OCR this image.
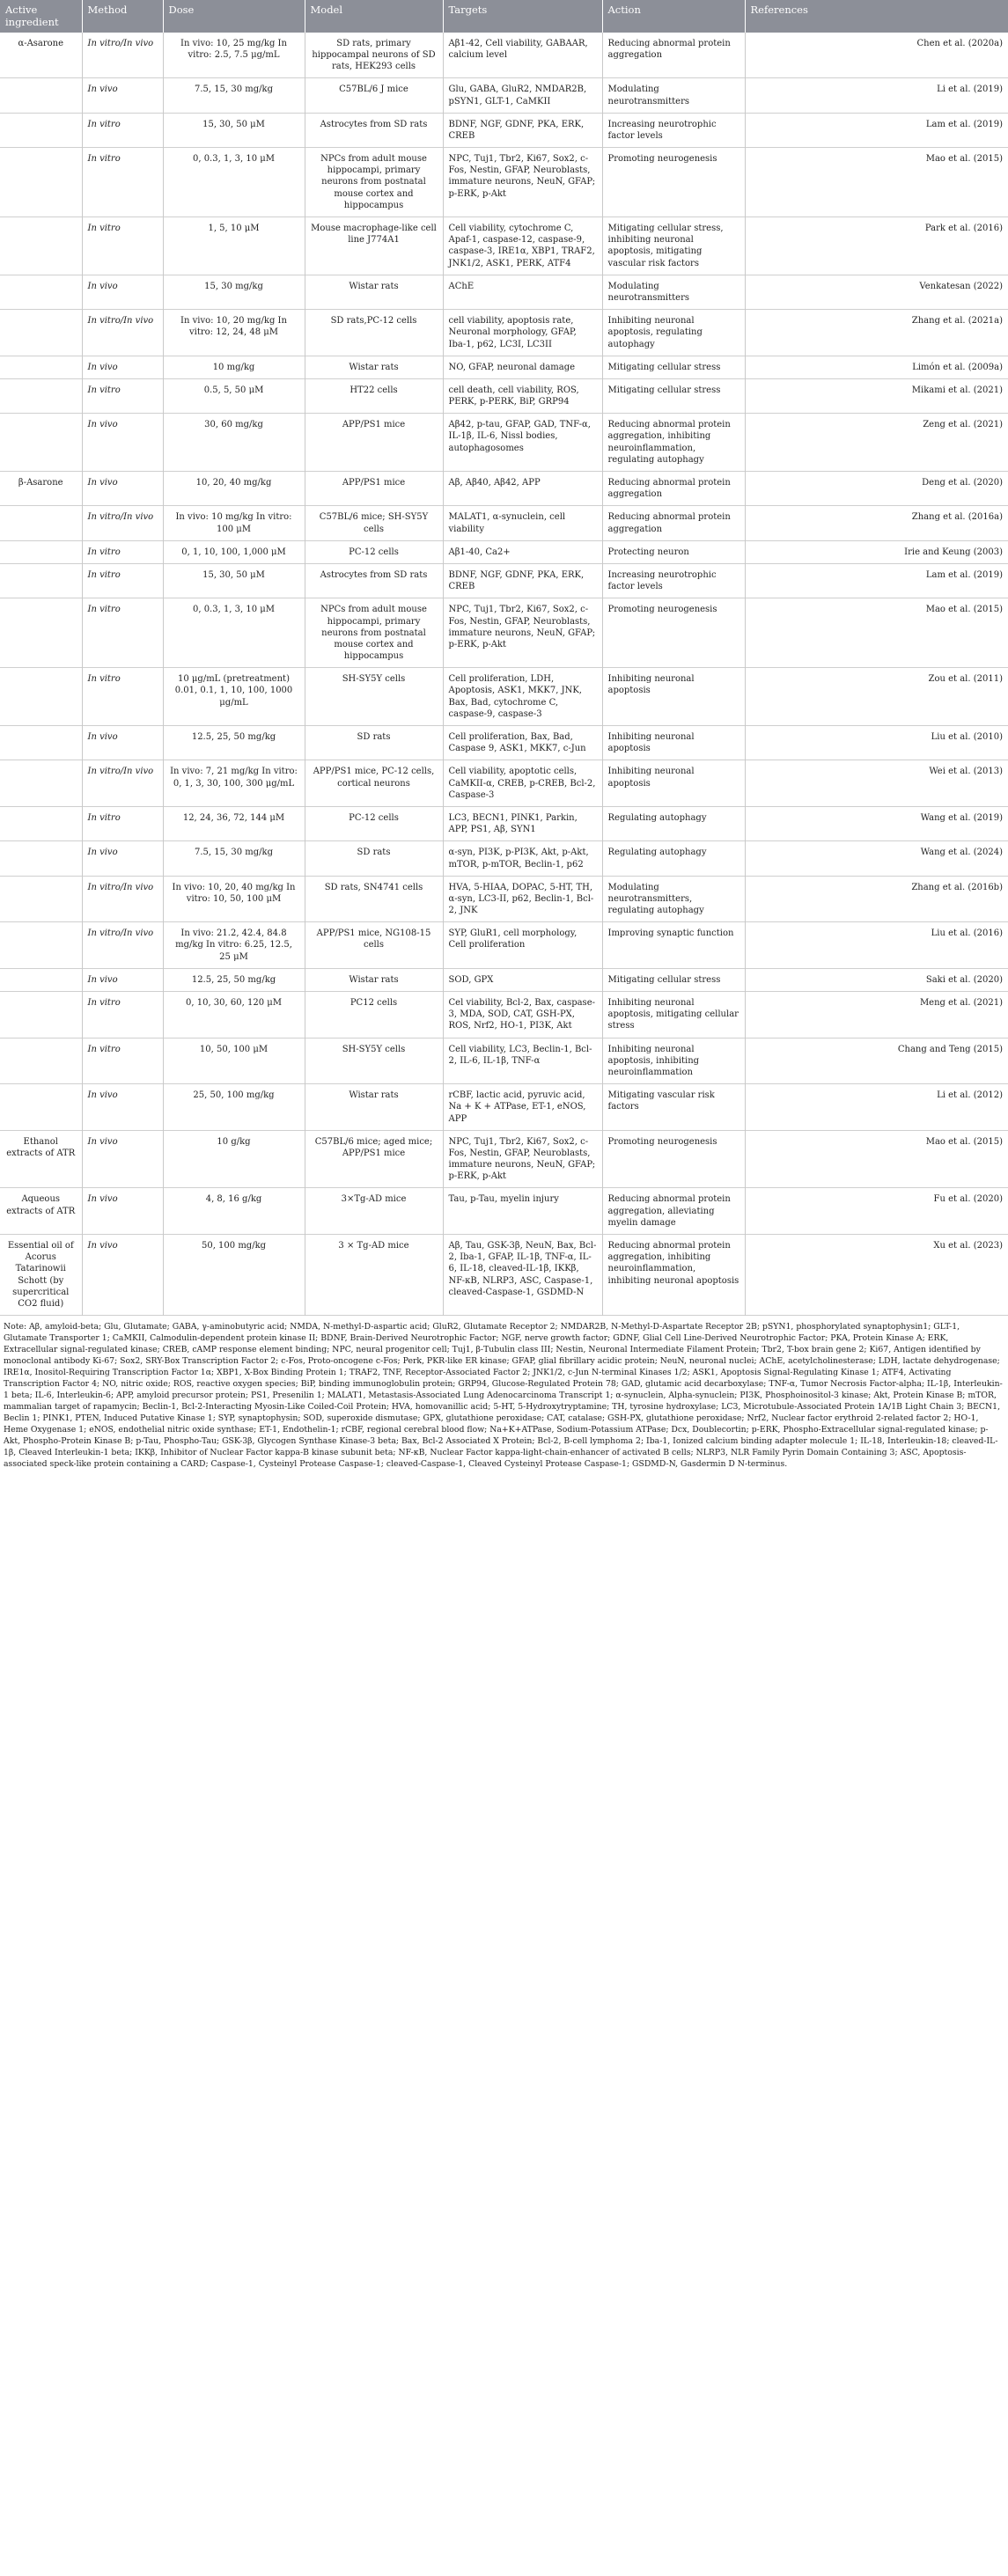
Active ingredient	Method	Dose	Model	Targets	Action	References
α-Asarone	In vitro/In vivo	In vivo: 10, 25 mg/kg In vitro: 2.5, 7.5 μg/mL	SD rats, primary hippocampal neurons of SD rats, HEK293 cells	Aβ1-42, Cell viability, GABAAR, calcium level	Reducing abnormal protein aggregation	Chen et al. (2020a)
	In vivo	7.5, 15, 30 mg/kg	C57BL/6 J mice	Glu, GABA, GluR2, NMDAR2B, pSYN1, GLT-1, CaMKII	Modulating neurotransmitters	Li et al. (2019)
	In vitro	15, 30, 50 μM	Astrocytes from SD rats	BDNF, NGF, GDNF, PKA, ERK, CREB	Increasing neurotrophic factor levels	Lam et al. (2019)
	In vitro	0, 0.3, 1, 3, 10 μM	NPCs from adult mouse hippocampi, primary neurons from postnatal mouse cortex and hippocampus	NPC, Tuj1, Tbr2, Ki67, Sox2, c-Fos, Nestin, GFAP, Neuroblasts, immature neurons, NeuN, GFAP; p-ERK, p-Akt	Promoting neurogenesis	Mao et al. (2015)
	In vitro	1, 5, 10 μM	Mouse macrophage-like cell line J774A1	Cell viability, cytochrome C, Apaf-1, caspase-12, caspase-9, caspase-3, IRE1α, XBP1, TRAF2, JNK1/2, ASK1, PERK, ATF4	Mitigating cellular stress, inhibiting neuronal apoptosis, mitigating vascular risk factors	Park et al. (2016)
	In vivo	15, 30 mg/kg	Wistar rats	AChE	Modulating neurotransmitters	Venkatesan (2022)
	In vitro/In vivo	In vivo: 10, 20 mg/kg In vitro: 12, 24, 48 μM	SD rats,PC-12 cells	cell viability, apoptosis rate, Neuronal morphology, GFAP, Iba-1, p62, LC3I, LC3II	Inhibiting neuronal apoptosis, regulating autophagy	Zhang et al. (2021a)
	In vivo	10 mg/kg	Wistar rats	NO, GFAP, neuronal damage	Mitigating cellular stress	Limón et al. (2009a)
	In vitro	0.5, 5, 50 μM	HT22 cells	cell death, cell viability, ROS, PERK, p-PERK, BiP, GRP94	Mitigating cellular stress	Mikami et al. (2021)
	In vivo	30, 60 mg/kg	APP/PS1 mice	Aβ42, p-tau, GFAP, GAD, TNF-α, IL-1β, IL-6, Nissl bodies, autophagosomes	Reducing abnormal protein aggregation, inhibiting neuroinflammation, regulating autophagy	Zeng et al. (2021)
β-Asarone	In vivo	10, 20, 40 mg/kg	APP/PS1 mice	Aβ, Aβ40, Aβ42, APP	Reducing abnormal protein aggregation	Deng et al. (2020)
	In vitro/In vivo	In vivo: 10 mg/kg In vitro: 100 μM	C57BL/6 mice; SH-SY5Y cells	MALAT1, α-synuclein, cell viability	Reducing abnormal protein aggregation	Zhang et al. (2016a)
	In vitro	0, 1, 10, 100, 1,000 μM	PC-12 cells	Aβ1-40, Ca2+	Protecting neuron	Irie and Keung (2003)
	In vitro	15, 30, 50 μM	Astrocytes from SD rats	BDNF, NGF, GDNF, PKA, ERK, CREB	Increasing neurotrophic factor levels	Lam et al. (2019)
	In vitro	0, 0.3, 1, 3, 10 μM	NPCs from adult mouse hippocampi, primary neurons from postnatal mouse cortex and hippocampus	NPC, Tuj1, Tbr2, Ki67, Sox2, c-Fos, Nestin, GFAP, Neuroblasts, immature neurons, NeuN, GFAP; p-ERK, p-Akt	Promoting neurogenesis	Mao et al. (2015)
	In vitro	10 μg/mL (pretreatment) 0.01, 0.1, 1, 10, 100, 1000 μg/mL	SH-SY5Y cells	Cell proliferation, LDH, Apoptosis, ASK1, MKK7, JNK, Bax, Bad, cytochrome C, caspase-9, caspase-3	Inhibiting neuronal apoptosis	Zou et al. (2011)
	In vivo	12.5, 25, 50 mg/kg	SD rats	Cell proliferation, Bax, Bad, Caspase 9, ASK1, MKK7, c-Jun	Inhibiting neuronal apoptosis	Liu et al. (2010)
	In vitro/In vivo	In vivo: 7, 21 mg/kg In vitro: 0, 1, 3, 30, 100, 300 μg/mL	APP/PS1 mice, PC-12 cells, cortical neurons	Cell viability, apoptotic cells, CaMKII-α, CREB, p-CREB, Bcl-2, Caspase-3	Inhibiting neuronal apoptosis	Wei et al. (2013)
	In vitro	12, 24, 36, 72, 144 μM	PC-12 cells	LC3, BECN1, PINK1, Parkin, APP, PS1, Aβ, SYN1	Regulating autophagy	Wang et al. (2019)
	In vivo	7.5, 15, 30 mg/kg	SD rats	α-syn, PI3K, p-PI3K, Akt, p-Akt, mTOR, p-mTOR, Beclin-1, p62	Regulating autophagy	Wang et al. (2024)
	In vitro/In vivo	In vivo: 10, 20, 40 mg/kg In vitro: 10, 50, 100 μM	SD rats, SN4741 cells	HVA, 5-HIAA, DOPAC, 5-HT, TH, α-syn, LC3-II, p62, Beclin-1, Bcl-2, JNK	Modulating neurotransmitters, regulating autophagy	Zhang et al. (2016b)
	In vitro/In vivo	In vivo: 21.2, 42.4, 84.8 mg/kg In vitro: 6.25, 12.5, 25 μM	APP/PS1 mice, NG108-15 cells	SYP, GluR1, cell morphology, Cell proliferation	Improving synaptic function	Liu et al. (2016)
	In vivo	12.5, 25, 50 mg/kg	Wistar rats	SOD, GPX	Mitigating cellular stress	Saki et al. (2020)
	In vitro	0, 10, 30, 60, 120 μM	PC12 cells	Cel viability, Bcl-2, Bax, caspase-3, MDA, SOD, CAT, GSH-PX, ROS, Nrf2, HO-1, PI3K, Akt	Inhibiting neuronal apoptosis, mitigating cellular stress	Meng et al. (2021)
	In vitro	10, 50, 100 μM	SH-SY5Y cells	Cell viability, LC3, Beclin-1, Bcl-2, IL-6, IL-1β, TNF-α	Inhibiting neuronal apoptosis, inhibiting neuroinflammation	Chang and Teng (2015)
	In vivo	25, 50, 100 mg/kg	Wistar rats	rCBF, lactic acid, pyruvic acid, Na + K + ATPase, ET-1, eNOS, APP	Mitigating vascular risk factors	Li et al. (2012)
Ethanol extracts of ATR	In vivo	10 g/kg	C57BL/6 mice; aged mice; APP/PS1 mice	NPC, Tuj1, Tbr2, Ki67, Sox2, c-Fos, Nestin, GFAP, Neuroblasts, immature neurons, NeuN, GFAP; p-ERK, p-Akt	Promoting neurogenesis	Mao et al. (2015)
Aqueous extracts of ATR	In vivo	4, 8, 16 g/kg	3×Tg-AD mice	Tau, p-Tau, myelin injury	Reducing abnormal protein aggregation, alleviating myelin damage	Fu et al. (2020)
Essential oil of Acorus Tatarinowii Schott (by supercritical CO2 fluid)	In vivo	50, 100 mg/kg	3 × Tg-AD mice	Aβ, Tau, GSK-3β, NeuN, Bax, Bcl-2, Iba-1, GFAP, IL-1β, TNF-α, IL-6, IL-18, cleaved-IL-1β, IKKβ, NF-κB, NLRP3, ASC, Caspase-1, cleaved-Caspase-1, GSDMD-N	Reducing abnormal protein aggregation, inhibiting neuroinflammation, inhibiting neuronal apoptosis	Xu et al. (2023)
Note: Aβ, amyloid-beta; Glu, Glutamate; GABA, γ-aminobutyric acid; NMDA, N-methyl-D-aspartic acid; GluR2, Glutamate Receptor 2; NMDAR2B, N-Methyl-D-Aspartate Receptor 2B; pSYN1, phosphorylated synaptophysin1; GLT-1, Glutamate Transporter 1; CaMKII, Calmodulin-dependent protein kinase II; BDNF, Brain-Derived Neurotrophic Factor; NGF, nerve growth factor; GDNF, Glial Cell Line-Derived Neurotrophic Factor; PKA, Protein Kinase A; ERK, Extracellular signal-regulated kinase; CREB, cAMP response element binding; NPC, neural progenitor cell; Tuj1, β-Tubulin class III; Nestin, Neuronal Intermediate Filament Protein; Tbr2, T-box brain gene 2; Ki67, Antigen identified by monoclonal antibody Ki-67; Sox2, SRY-Box Transcription Factor 2; c-Fos, Proto-oncogene c-Fos; Perk, PKR-like ER kinase; GFAP, glial fibrillary acidic protein; NeuN, neuronal nuclei; AChE, acetylcholinesterase; LDH, lactate dehydrogenase; IRE1α, Inositol-Requiring Transcription Factor 1α; XBP1, X-Box Binding Protein 1; TRAF2, TNF, Receptor-Associated Factor 2; JNK1/2, c-Jun N-terminal Kinases 1/2; ASK1, Apoptosis Signal-Regulating Kinase 1; ATF4, Activating Transcription Factor 4; NO, nitric oxide; ROS, reactive oxygen species; BiP, binding immunoglobulin protein; GRP94, Glucose-Regulated Protein 78; GAD, glutamic acid decarboxylase; TNF-α, Tumor Necrosis Factor-alpha; IL-1β, Interleukin-1 beta; IL-6, Interleukin-6; APP, amyloid precursor protein; PS1, Presenilin 1; MALAT1, Metastasis-Associated Lung Adenocarcinoma Transcript 1; α-synuclein, Alpha-synuclein; PI3K, Phosphoinositol-3 kinase; Akt, Protein Kinase B; mTOR, mammalian target of rapamycin; Beclin-1, Bcl-2-Interacting Myosin-Like Coiled-Coil Protein; HVA, homovanillic acid; 5-HT, 5-Hydroxytryptamine; TH, tyrosine hydroxylase; LC3, Microtubule-Associated Protein 1A/1B Light Chain 3; BECN1, Beclin 1; PINK1, PTEN, Induced Putative Kinase 1; SYP, synaptophysin; SOD, superoxide dismutase; GPX, glutathione peroxidase; CAT, catalase; GSH-PX, glutathione peroxidase; Nrf2, Nuclear factor erythroid 2-related factor 2; HO-1, Heme Oxygenase 1; eNOS, endothelial nitric oxide synthase; ET-1, Endothelin-1; rCBF, regional cerebral blood flow; Na+K+ATPase, Sodium-Potassium ATPase; Dcx, Doublecortin; p-ERK, Phospho-Extracellular signal-regulated kinase; p-Akt, Phospho-Protein Kinase B; p-Tau, Phospho-Tau; GSK-3β, Glycogen Synthase Kinase-3 beta; Bax, Bcl-2 Associated X Protein; Bcl-2, B-cell lymphoma 2; Iba-1, Ionized calcium binding adapter molecule 1; IL-18, Interleukin-18; cleaved-IL-1β, Cleaved Interleukin-1 beta; IKKβ, Inhibitor of Nuclear Factor kappa-B kinase subunit beta; NF-κB, Nuclear Factor kappa-light-chain-enhancer of activated B cells; NLRP3, NLR Family Pyrin Domain Containing 3; ASC, Apoptosis-associated speck-like protein containing a CARD; Caspase-1, Cysteinyl Protease Caspase-1; cleaved-Caspase-1, Cleaved Cysteinyl Protease Caspase-1; GSDMD-N, Gasdermin D N-terminus.
